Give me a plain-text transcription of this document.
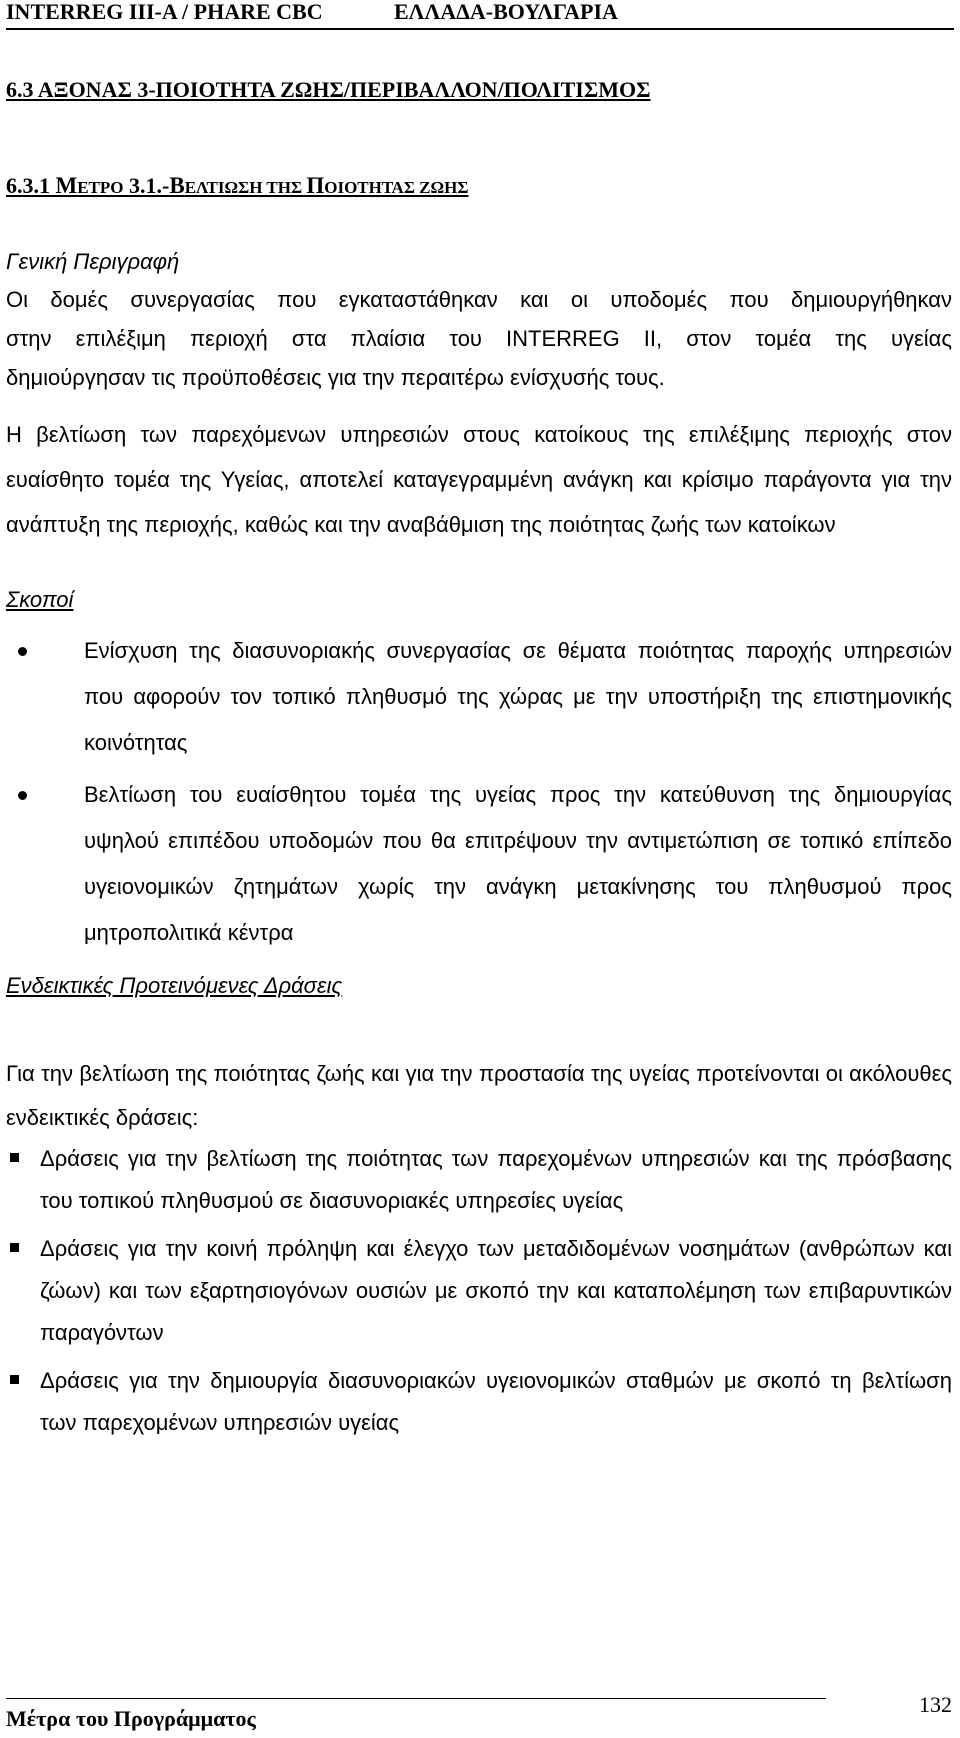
INTERREG III-A / PHARE CBC	ΕΛΛΑΔΑ-ΒΟΥΛΓΑΡΙΑ
6.3 ΑΞΟΝΑΣ 3-ΠΟΙΟΤΗΤΑ ΖΩΗΣ/ΠΕΡΙΒΑΛΛΟΝ/ΠΟΛΙΤΙΣΜΟΣ
6.3.1 ΜΕΤΡΟ 3.1.-ΒΕΛΤΙΩΣΗ ΤΗΣ ΠΟΙΟΤΗΤΑΣ ΖΩΗΣ
Γενική Περιγραφή
Οι δομές συνεργασίας που εγκαταστάθηκαν και οι υποδομές που δημιουργήθηκαν
στην επιλέξιμη περιοχή στα πλαίσια του INTERREG II, στον τομέα της υγείας
δημιούργησαν τις προϋποθέσεις για την περαιτέρω ενίσχυσής τους.
Η βελτίωση των παρεχόμενων υπηρεσιών στους κατοίκους της επιλέξιμης περιοχής στον ευαίσθητο τομέα της Υγείας, αποτελεί καταγεγραμμένη ανάγκη και κρίσιμο παράγοντα για την ανάπτυξη της περιοχής, καθώς και την αναβάθμιση της ποιότητας ζωής των κατοίκων
Σκοποί
Ενίσχυση της διασυνοριακής συνεργασίας σε θέματα ποιότητας παροχής υπηρεσιών που αφορούν τον τοπικό πληθυσμό της χώρας με την υποστήριξη της επιστημονικής κοινότητας
Βελτίωση του ευαίσθητου τομέα της υγείας προς την κατεύθυνση της δημιουργίας υψηλού επιπέδου υποδομών που θα επιτρέψουν την αντιμετώπιση σε τοπικό επίπεδο υγειονομικών ζητημάτων χωρίς την ανάγκη μετακίνησης του πληθυσμού προς μητροπολιτικά κέντρα
Ενδεικτικές Προτεινόμενες Δράσεις
Για την βελτίωση της ποιότητας ζωής και για την προστασία της υγείας προτείνονται οι ακόλουθες ενδεικτικές δράσεις:
Δράσεις για την βελτίωση της ποιότητας των παρεχομένων υπηρεσιών και της πρόσβασης του τοπικού πληθυσμού σε διασυνοριακές υπηρεσίες υγείας
Δράσεις για την κοινή πρόληψη και έλεγχο των μεταδιδομένων νοσημάτων (ανθρώπων και ζώων) και των εξαρτησιογόνων ουσιών με σκοπό την και καταπολέμηση των επιβαρυντικών παραγόντων
Δράσεις για την δημιουργία διασυνοριακών υγειονομικών σταθμών με σκοπό τη βελτίωση των παρεχομένων υπηρεσιών υγείας
Μέτρα του Προγράμματος
132
